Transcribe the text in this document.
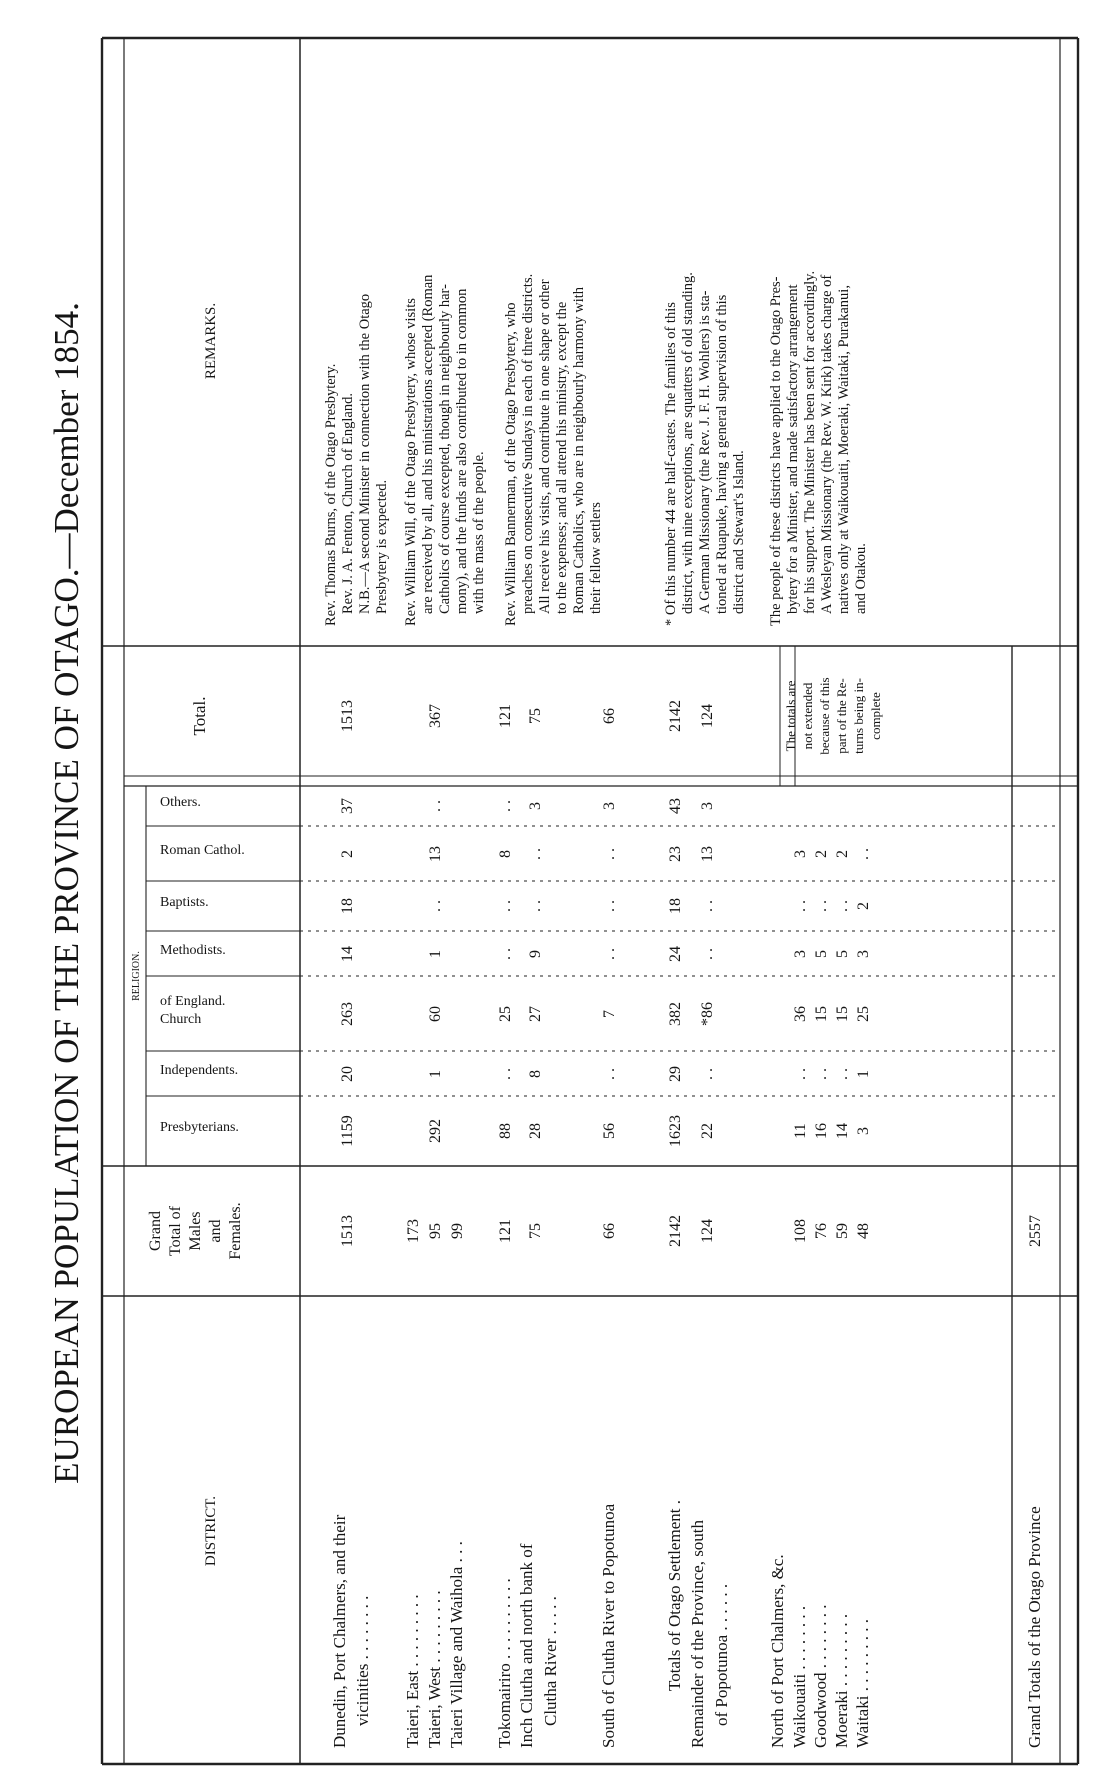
EUROPEAN POPULATION OF THE PROVINCE OF OTAGO.—December 1854.
DISTRICT.
Grand Total of Males and Females.
RELIGION.
Total.
REMARKS.
Presbyterians.
Independents.
Church
of England.
Methodists.
Baptists.
Roman Cathol.
Others.
Dunedin, Port Chalmers, and their vicinities . . . . . . . .
1513
1159
20
263
14
18
2
37
1513
Taieri, East . . . . . . . . .
173
Taieri, West . . . . . . . . .
95
292
1
60
1
. .
13
. .
367
Taieri Village and Waihola . . .
99
Tokomairiro . . . . . . . . . .
121
88
. .
25
. .
. .
8
. .
121
Inch Clutha and north bank of Clutha River . . . . .
75
28
8
27
9
. .
. .
3
75
South of Clutha River to Popotunoa
66
56
. .
7
. .
. .
. .
3
66
Totals of Otago Settlement .
2142
1623
29
382
24
18
23
43
2142
Remainder of the Province, south of Popotunoa . . . . . .
124
22
. .
*86
. .
. .
13
3
124
North of Port Chalmers, &c. Waikouaiti . . . . . . . .
108
11
. .
36
3
. .
3
Goodwood . . . . . . . .
76
16
. .
15
5
. .
2
Moeraki . . . . . . . . .
59
14
. .
15
5
. .
2
Waitaki . . . . . . . . .
48
3
1
25
3
2
. .
Grand Totals of the Otago Province
2557
The totals are not extended because of this part of the Re- turns being in- complete
Rev. Thomas Burns, of the Otago Presbytery. Rev. J. A. Fenton, Church of England. N.B.—A second Minister in connection with the Otago Presbytery is expected. Rev. William Will, of the Otago Presbytery, whose visits are received by all, and his ministrations accepted (Roman Catholics of course excepted, though in neighbourly har- mony), and the funds are also contributed to in common with the mass of the people. Rev. William Bannerman, of the Otago Presbytery, who preaches on consecutive Sundays in each of three districts. All receive his visits, and contribute in one shape or other to the expenses; and all attend his ministry, except the Roman Catholics, who are in neighbourly harmony with their fellow settlers	* Of this number 44 are half-castes. The families of this district, with nine exceptions, are squatters of old standing. A German Missionary (the Rev. J. F. H. Wohlers) is sta- tioned at Ruapuke, having a general supervision of this district and Stewart's Island. The people of these districts have applied to the Otago Pres- bytery for a Minister, and made satisfactory arrangement for his support. The Minister has been sent for accordingly. A Wesleyan Missionary (the Rev. W. Kirk) takes charge of natives only at Waikouaiti, Moeraki, Waitaki, Purakanui, and Otakou.
